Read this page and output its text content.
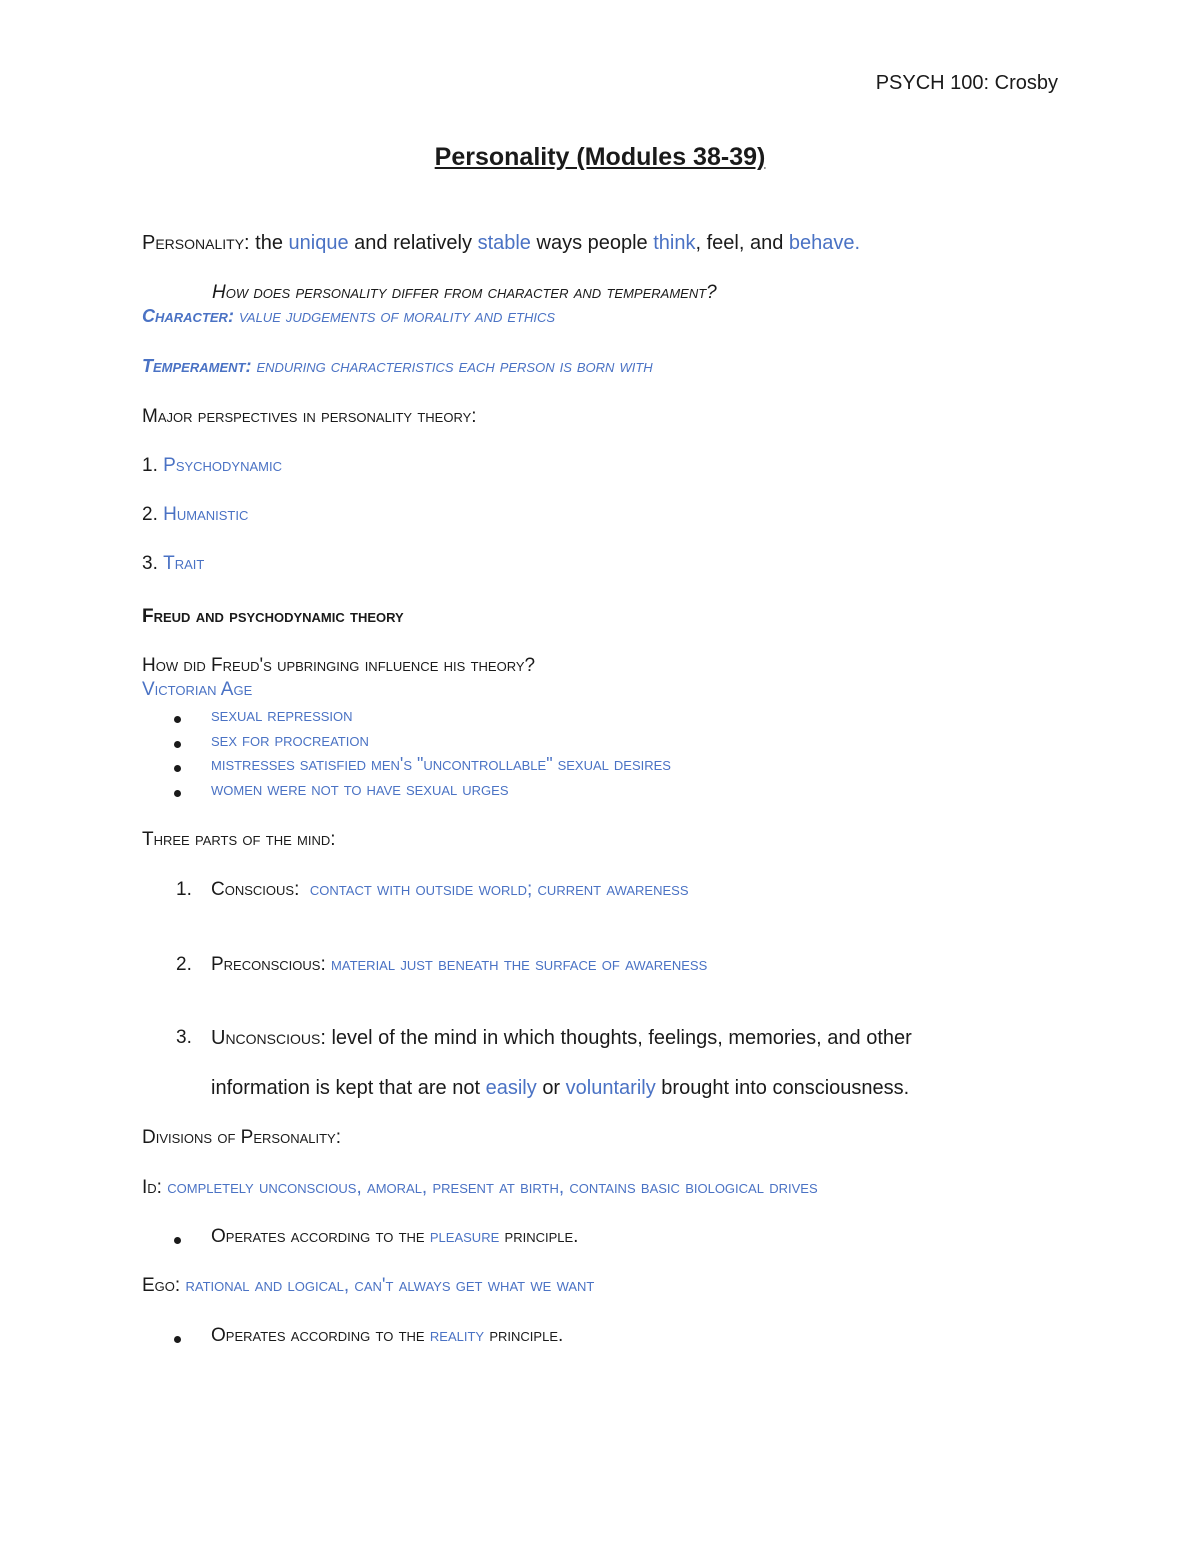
PSYCH 100: Crosby
Personality (Modules 38-39)
Personality: the unique and relatively stable ways people think, feel, and behave.
How does personality differ from character and temperament?
Character: value judgements of morality and ethics
Temperament: enduring characteristics each person is born with
Major perspectives in personality theory:
1. Psychodynamic
2. Humanistic
3. Trait
Freud and psychodynamic theory
How did Freud's upbringing influence his theory?
Victorian Age
sexual repression
sex for procreation
mistresses satisfied men's "uncontrollable" sexual desires
women were not to have sexual urges
Three parts of the mind:
1. Conscious: contact with outside world; current awareness
2. Preconscious: material just beneath the surface of awareness
3. Unconscious: level of the mind in which thoughts, feelings, memories, and other
information is kept that are not easily or voluntarily brought into consciousness.
Divisions of Personality:
Id: completely unconscious, amoral, present at birth, contains basic biological drives
Operates according to the pleasure principle.
Ego: rational and logical, can't always get what we want
Operates according to the reality principle.
